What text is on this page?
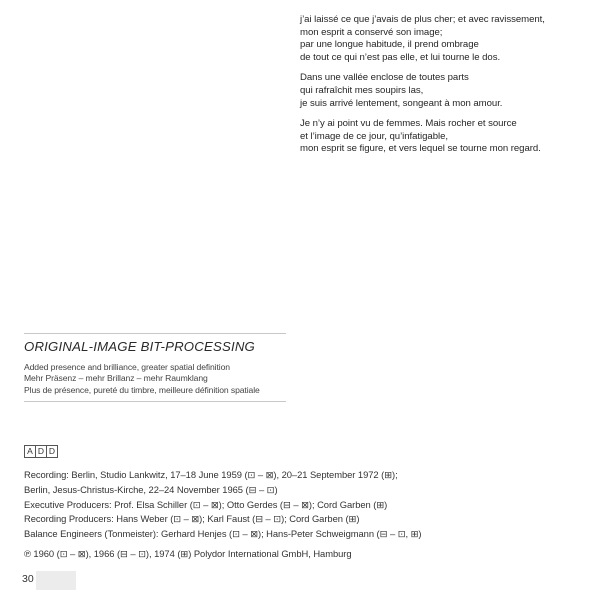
j’ai laissé ce que j’avais de plus cher; et avec ravissement,
mon esprit a conservé son image;
par une longue habitude, il prend ombrage
de tout ce qui n’est pas elle, et lui tourne le dos.
Dans une vallée enclose de toutes parts
qui rafraîchit mes soupirs las,
je suis arrivé lentement, songeant à mon amour.
Je n’y ai point vu de femmes. Mais rocher et source
et l’image de ce jour, qu’infatigable,
mon esprit se figure, et vers lequel se tourne mon regard.
ORIGINAL-IMAGE BIT-PROCESSING
Added presence and brilliance, greater spatial definition
Mehr Präsenz – mehr Brillanz – mehr Raumklang
Plus de présence, pureté du timbre, meilleure définition spatiale
A D D
Recording: Berlin, Studio Lankwitz, 17–18 June 1959 (⊡ – ⊠), 20–21 September 1972 (⊞);
Berlin, Jesus-Christus-Kirche, 22–24 November 1965 (⊟ – ⊡)
Executive Producers: Prof. Elsa Schiller (⊡ – ⊠); Otto Gerdes (⊟ – ⊠); Cord Garben (⊞)
Recording Producers: Hans Weber (⊡ – ⊠); Karl Faust (⊟ – ⊡); Cord Garben (⊞)
Balance Engineers (Tonmeister): Gerhard Henjes (⊡ – ⊠); Hans-Peter Schweigmann (⊟ – ⊡, ⊞)
℗ 1960 (⊡ – ⊠), 1966 (⊟ – ⊡), 1974 (⊞) Polydor International GmbH, Hamburg
30
